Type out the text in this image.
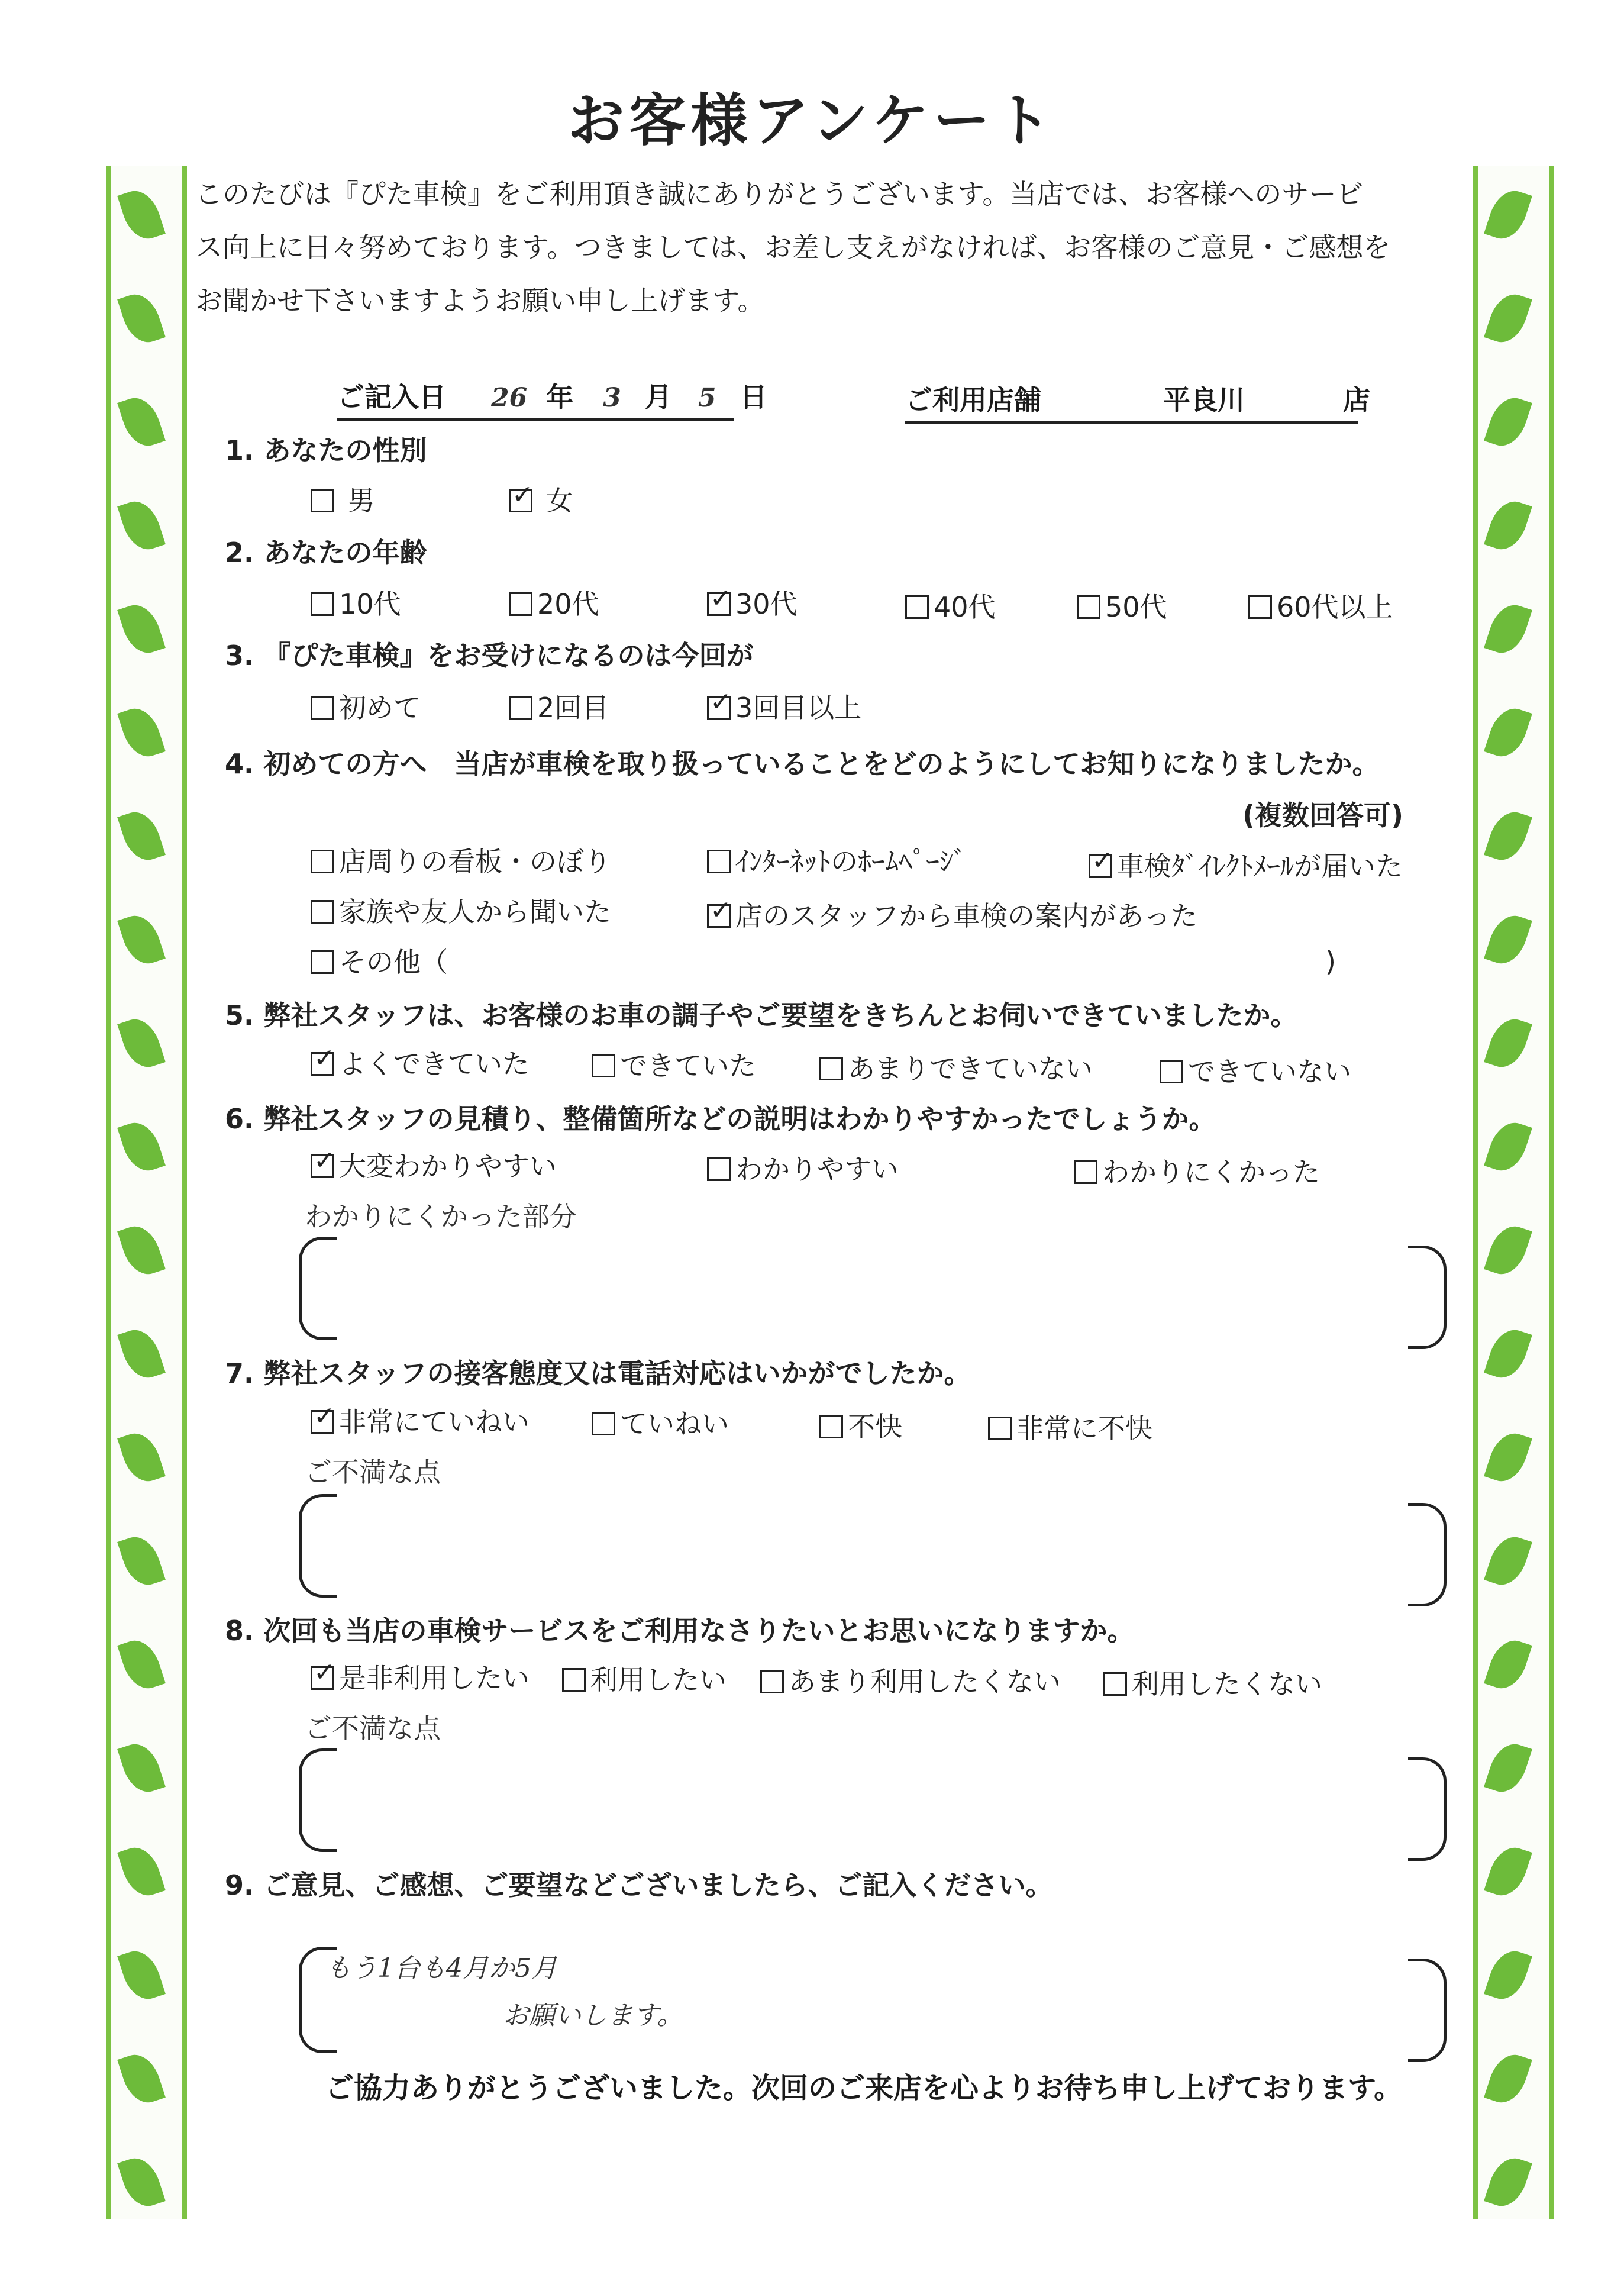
お客様アンケート
このたびは『ぴた車検』をご利用頂き誠にありがとうございます。当店では、お客様へのサービ
ス向上に日々努めております。つきましては、お差し支えがなければ、お客様のご意見・ご感想を
お聞かせ下さいますようお願い申し上げます。
ご記入日 26 年 3 月 5 日	ご利用店舗	平良川	店
1. あなたの性別
男 ✓	女
2. あなたの年齢
10代	20代 ✓	30代	40代	50代	60代以上
3. 『ぴた車検』をお受けになるのは今回が
初めて	2回目 ✓	3回目以上
4. 初めての方へ　当店が車検を取り扱っていることをどのようにしてお知りになりましたか。
(複数回答可)
店周りの看板・のぼり	ｲﾝﾀｰﾈｯﾄのﾎｰﾑﾍﾟｰｼﾞ ✓	車検ﾀﾞｲﾚｸﾄﾒｰﾙが届いた
家族や友人から聞いた ✓	店のスタッフから車検の案内があった
その他（	)
5. 弊社スタッフは、お客様のお車の調子やご要望をきちんとお伺いできていましたか。
✓よくできていた	できていた	あまりできていない	できていない
6. 弊社スタッフの見積り、整備箇所などの説明はわかりやすかったでしょうか。
✓大変わかりやすい	わかりやすい	わかりにくかった
わかりにくかった部分
7. 弊社スタッフの接客態度又は電話対応はいかがでしたか。
✓非常にていねい	ていねい	不快	非常に不快
ご不満な点
8. 次回も当店の車検サービスをご利用なさりたいとお思いになりますか。
✓是非利用したい	利用したい	あまり利用したくない	利用したくない
ご不満な点
9. ご意見、ご感想、ご要望などございましたら、ご記入ください。
もう1台も4月か5月
お願いします。
ご協力ありがとうございました。次回のご来店を心よりお待ち申し上げております。
